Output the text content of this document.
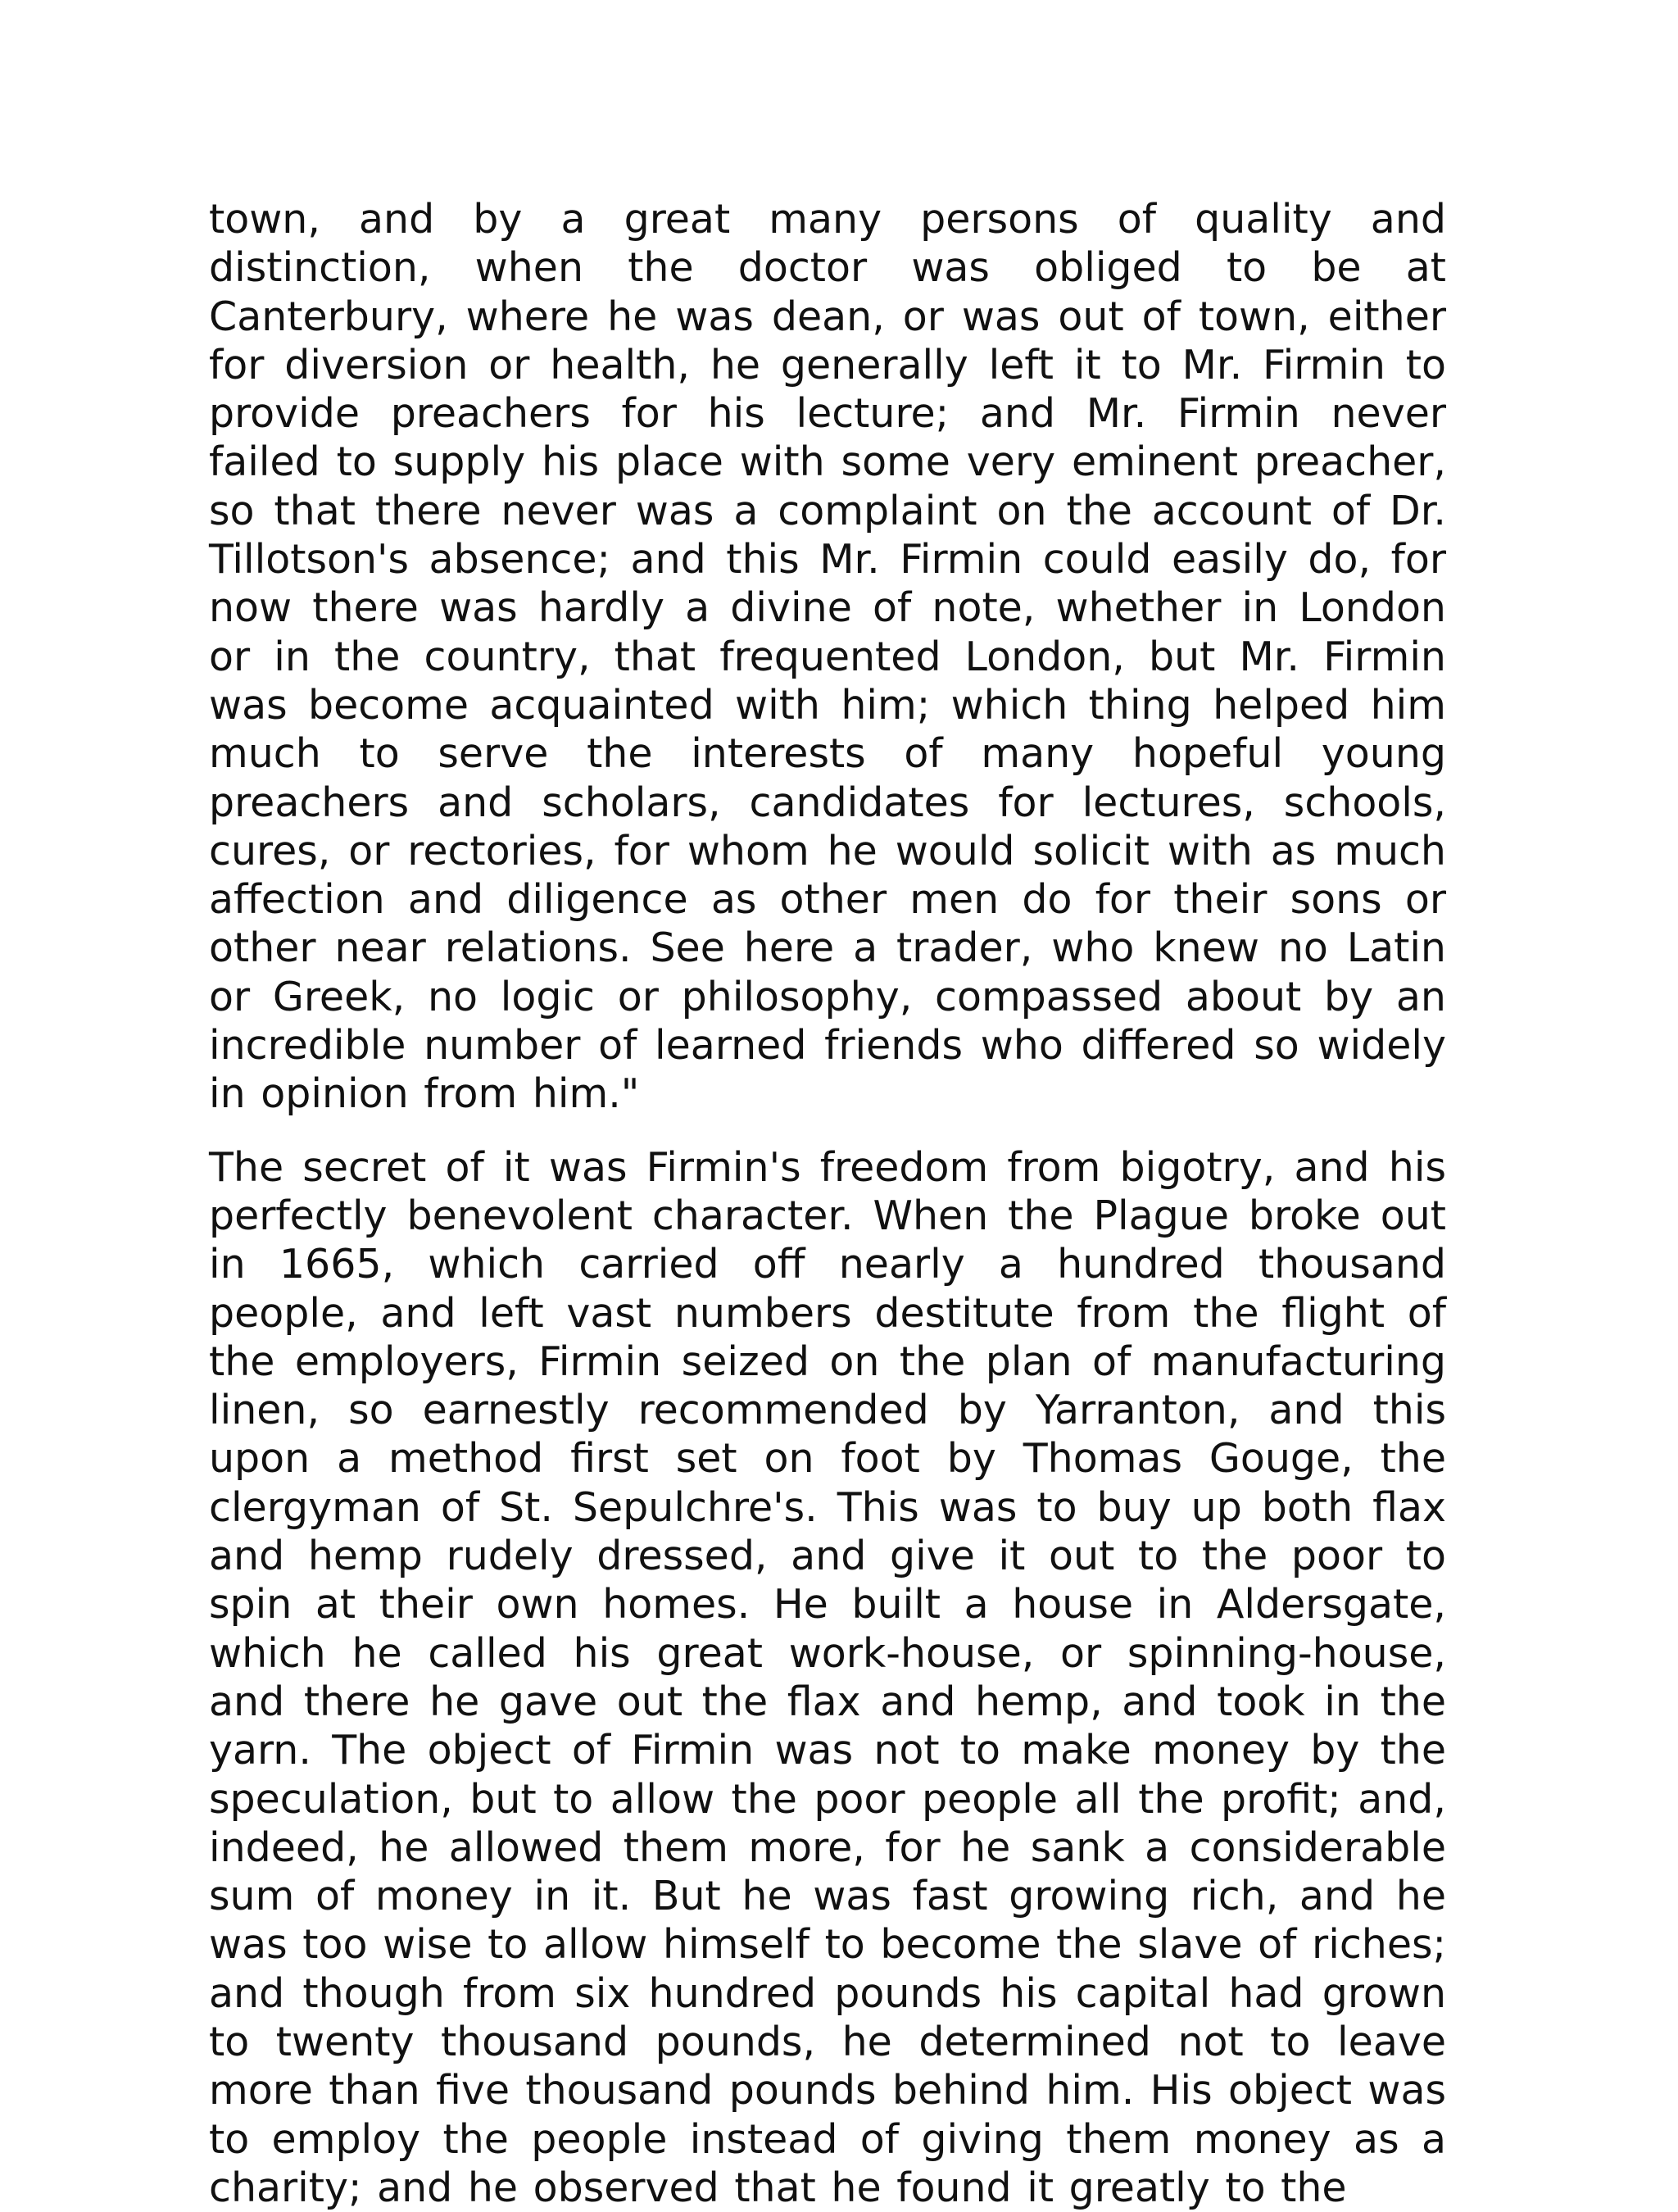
town, and by a great many persons of quality and distinction, when the doctor was obliged to be at Canterbury, where he was dean, or was out of town, either for diversion or health, he generally left it to Mr. Firmin to provide preachers for his lecture; and Mr. Firmin never failed to supply his place with some very eminent preacher, so that there never was a complaint on the account of Dr. Tillotson's absence; and this Mr. Firmin could easily do, for now there was hardly a divine of note, whether in London or in the country, that frequented London, but Mr. Firmin was become acquainted with him; which thing helped him much to serve the interests of many hopeful young preachers and scholars, candidates for lectures, schools, cures, or rectories, for whom he would solicit with as much affection and diligence as other men do for their sons or other near relations. See here a trader, who knew no Latin or Greek, no logic or philosophy, compassed about by an incredible number of learned friends who differed so widely in opinion from him."

The secret of it was Firmin's freedom from bigotry, and his perfectly benevolent character. When the Plague broke out in 1665, which carried off nearly a hundred thousand people, and left vast numbers destitute from the flight of the employers, Firmin seized on the plan of manufacturing linen, so earnestly recommended by Yarranton, and this upon a method first set on foot by Thomas Gouge, the clergyman of St. Sepulchre's. This was to buy up both flax and hemp rudely dressed, and give it out to the poor to spin at their own homes. He built a house in Aldersgate, which he called his great work-house, or spinning-house, and there he gave out the flax and hemp, and took in the yarn. The object of Firmin was not to make money by the speculation, but to allow the poor people all the profit; and, indeed, he allowed them more, for he sank a considerable sum of money in it. But he was fast growing rich, and he was too wise to allow himself to become the slave of riches; and though from six hundred pounds his capital had grown to twenty thousand pounds, he determined not to leave more than five thousand pounds behind him. His object was to employ the people instead of giving them money as a charity; and he observed that he found it greatly to the
